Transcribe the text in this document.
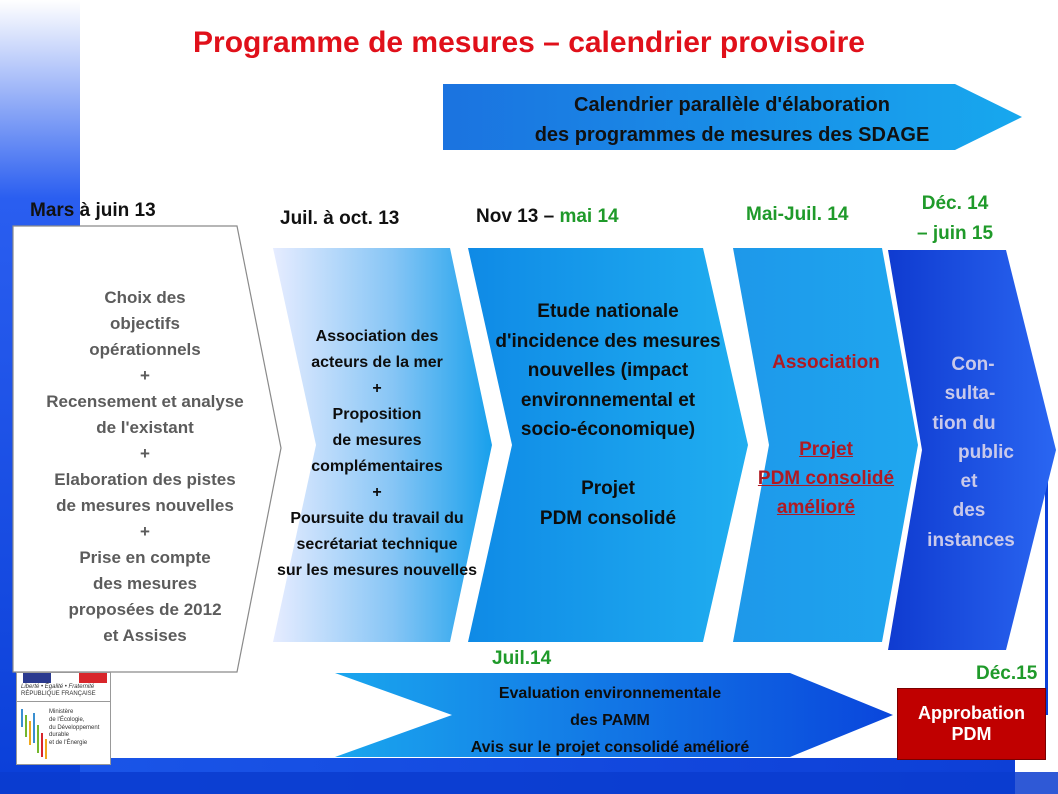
Programme de mesures – calendrier provisoire
Calendrier parallèle d'élaboration
des programmes de mesures des SDAGE
Mars à juin 13	Juil. à oct. 13	Nov 13 – mai 14	Mai-Juil. 14
Déc. 14
– juin 15
Choix des
objectifs
opérationnels
+
Recensement et analyse
de l'existant
+
Elaboration des pistes
de mesures nouvelles
+
Prise en compte
des mesures
proposées de 2012
et Assises
Association des
acteurs de la mer
+
Proposition
de mesures
complémentaires
+
Poursuite du travail du
secrétariat technique
sur les mesures nouvelles
Etude nationale
d'incidence des mesures
nouvelles (impact
environnemental et
socio-économique)
Projet
PDM consolidé
Association
Projet
PDM consolidé
amélioré
Con-
sulta-
tion du
public
et
des
instances
Juil.14
Evaluation environnementale
des PAMM
Avis sur le projet consolidé amélioré
Déc.15
Approbation
PDM
Liberté • Égalité • Fraternité
RÉPUBLIQUE FRANÇAISE
Ministère
de l'Écologie,
du Développement
durable
et de l'Énergie
